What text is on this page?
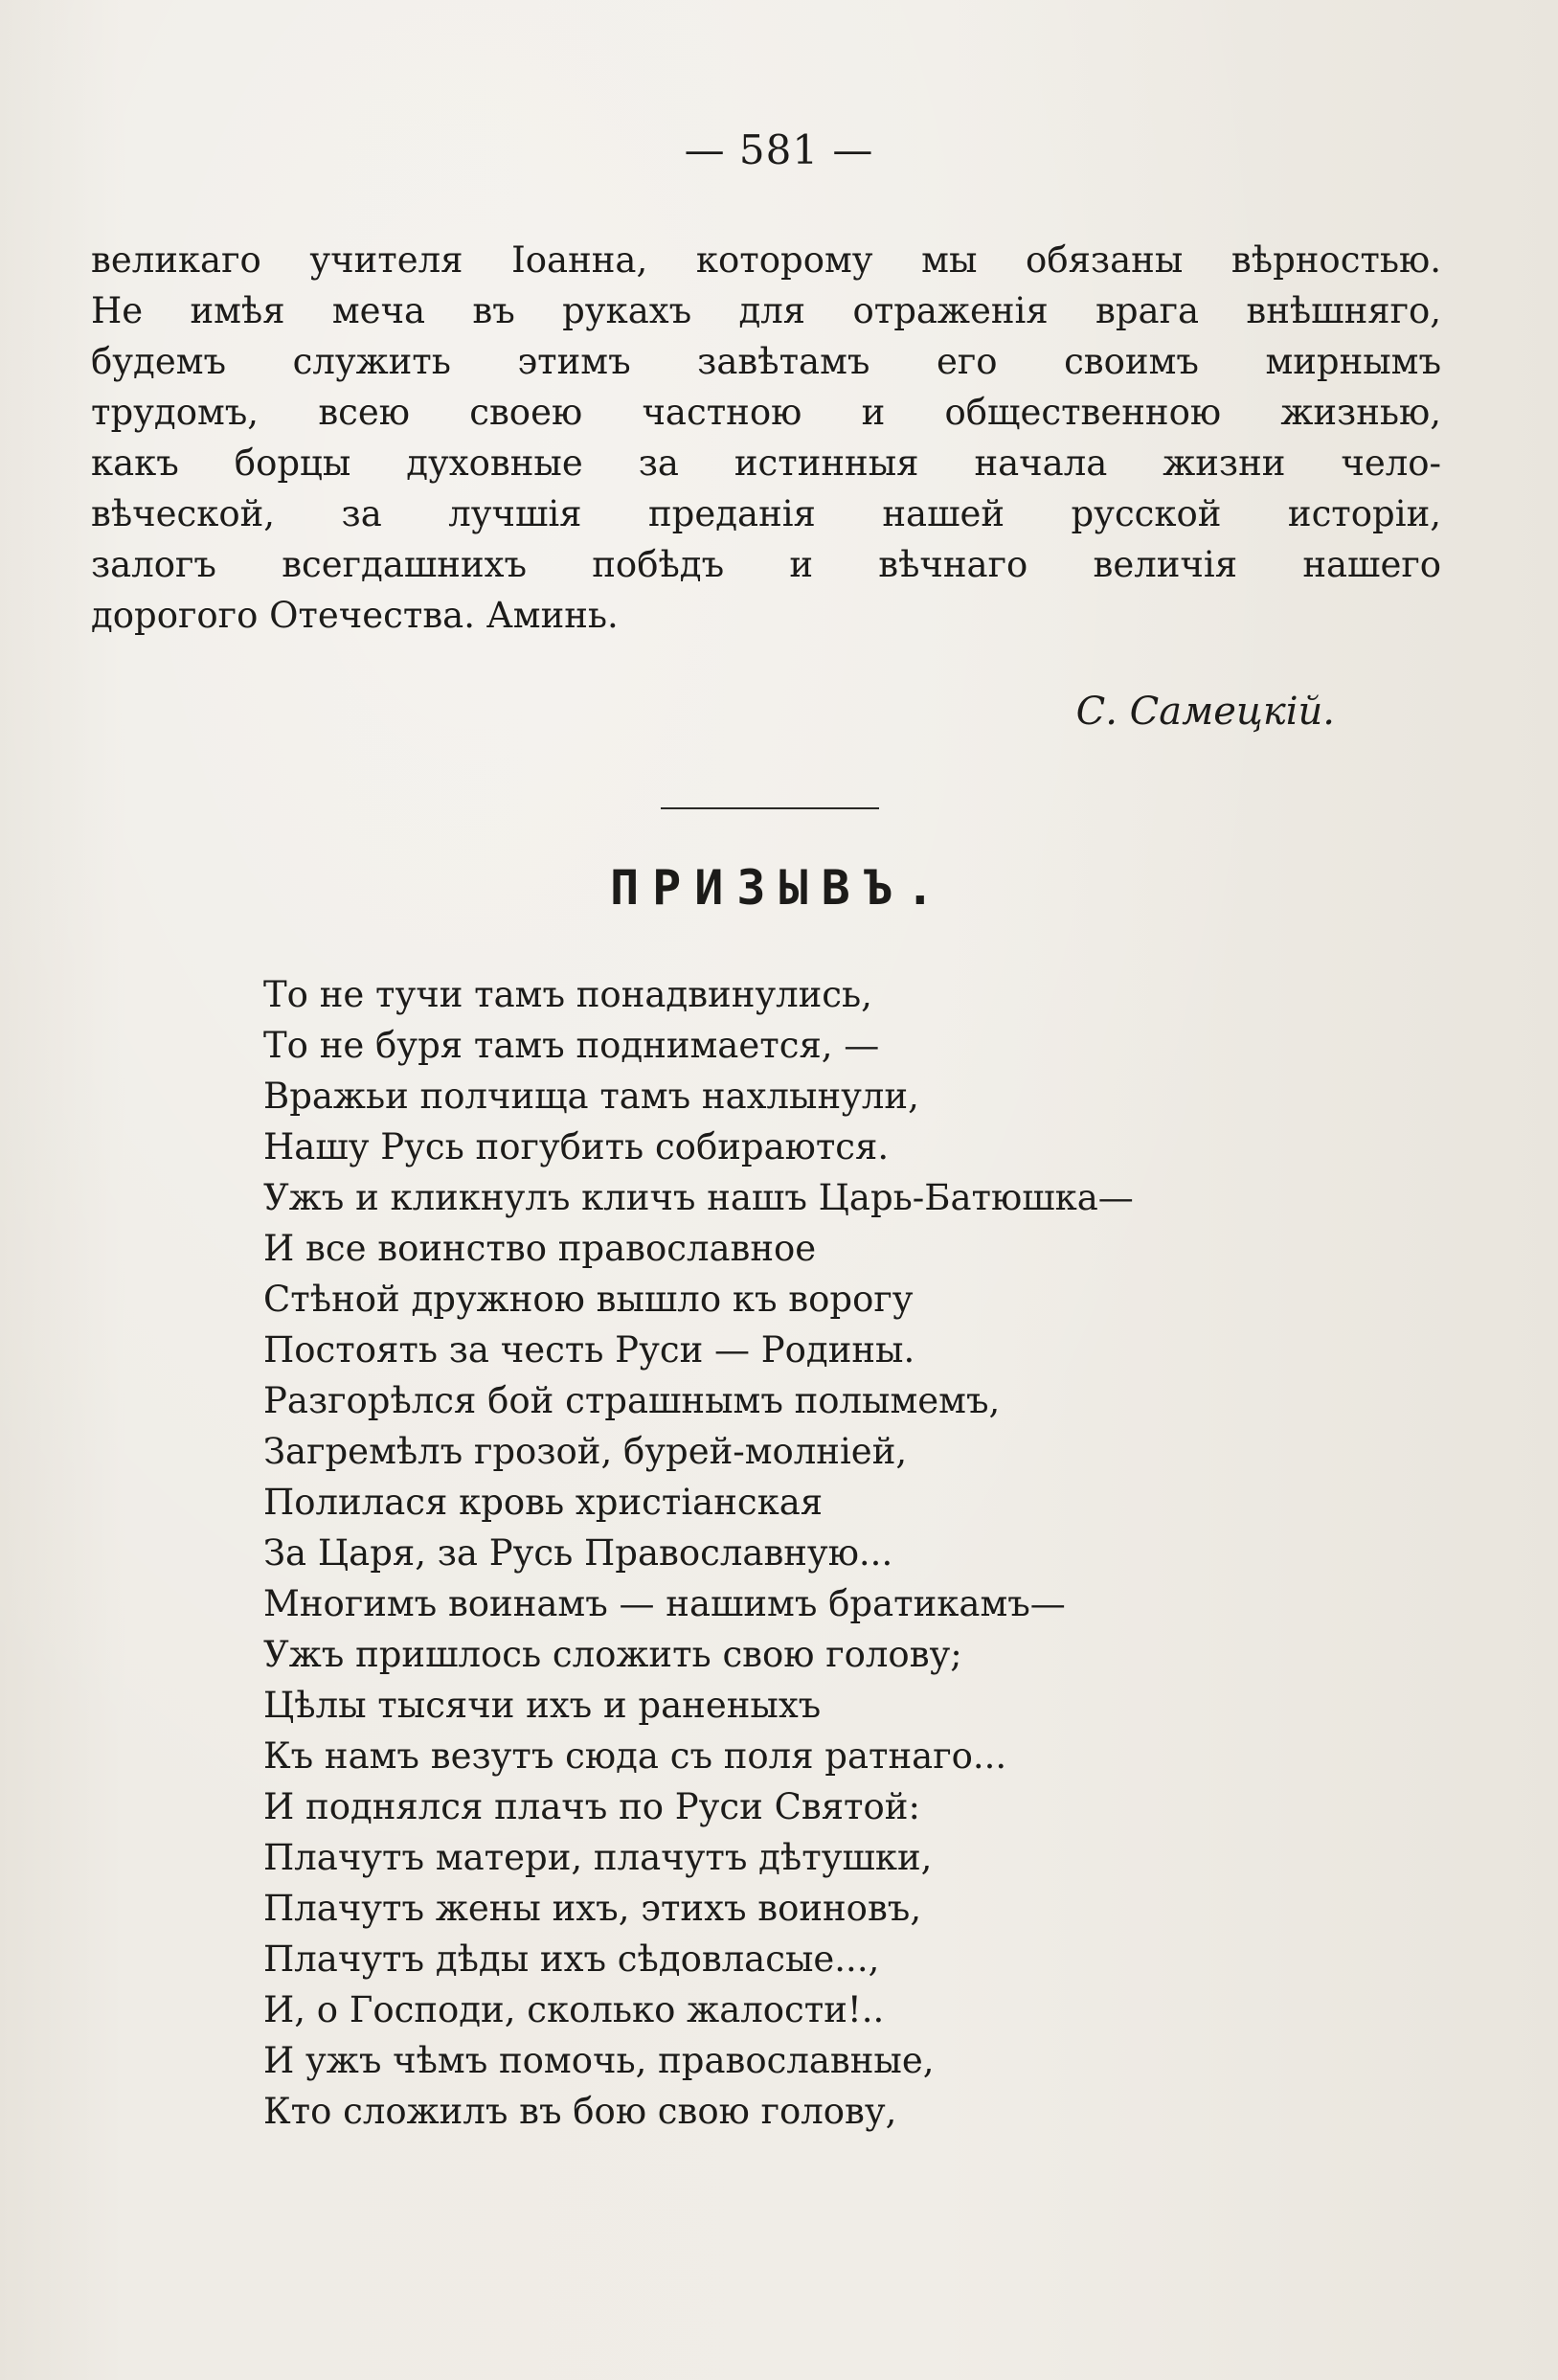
— 581 —
великаго учителя Іоанна, которому мы обязаны вѣрностью.
Не имѣя меча въ рукахъ для отраженія врага внѣшняго,
будемъ служить этимъ завѣтамъ его своимъ мирнымъ
трудомъ, всею своею частною и общественною жизнью,
какъ борцы духовные за истинныя начала жизни чело-
вѣческой, за лучшія преданія нашей русской исторіи,
залогъ всегдашнихъ побѣдъ и вѣчнаго величія нашего
дорогого Отечества. Аминь.
С. Самецкій.
ПРИЗЫВЪ.
То не тучи тамъ понадвинулись,
То не буря тамъ поднимается, —
Вражьи полчища тамъ нахлынули,
Нашу Русь погубить собираются.
Ужъ и кликнулъ кличъ нашъ Царь-Батюшка—
И все воинство православное
Стѣной дружною вышло къ ворогу
Постоять за честь Руси — Родины.
Разгорѣлся бой страшнымъ полымемъ,
Загремѣлъ грозой, бурей-молніей,
Полилася кровь христіанская
За Царя, за Русь Православную...
Многимъ воинамъ — нашимъ братикамъ—
Ужъ пришлось сложить свою голову;
Цѣлы тысячи ихъ и раненыхъ
Къ намъ везутъ сюда съ поля ратнаго...
И поднялся плачъ по Руси Святой:
Плачутъ матери, плачутъ дѣтушки,
Плачутъ жены ихъ, этихъ воиновъ,
Плачутъ дѣды ихъ сѣдовласые...,
И, о Господи, сколько жалости!..
И ужъ чѣмъ помочь, православные,
Кто сложилъ въ бою свою голову,
